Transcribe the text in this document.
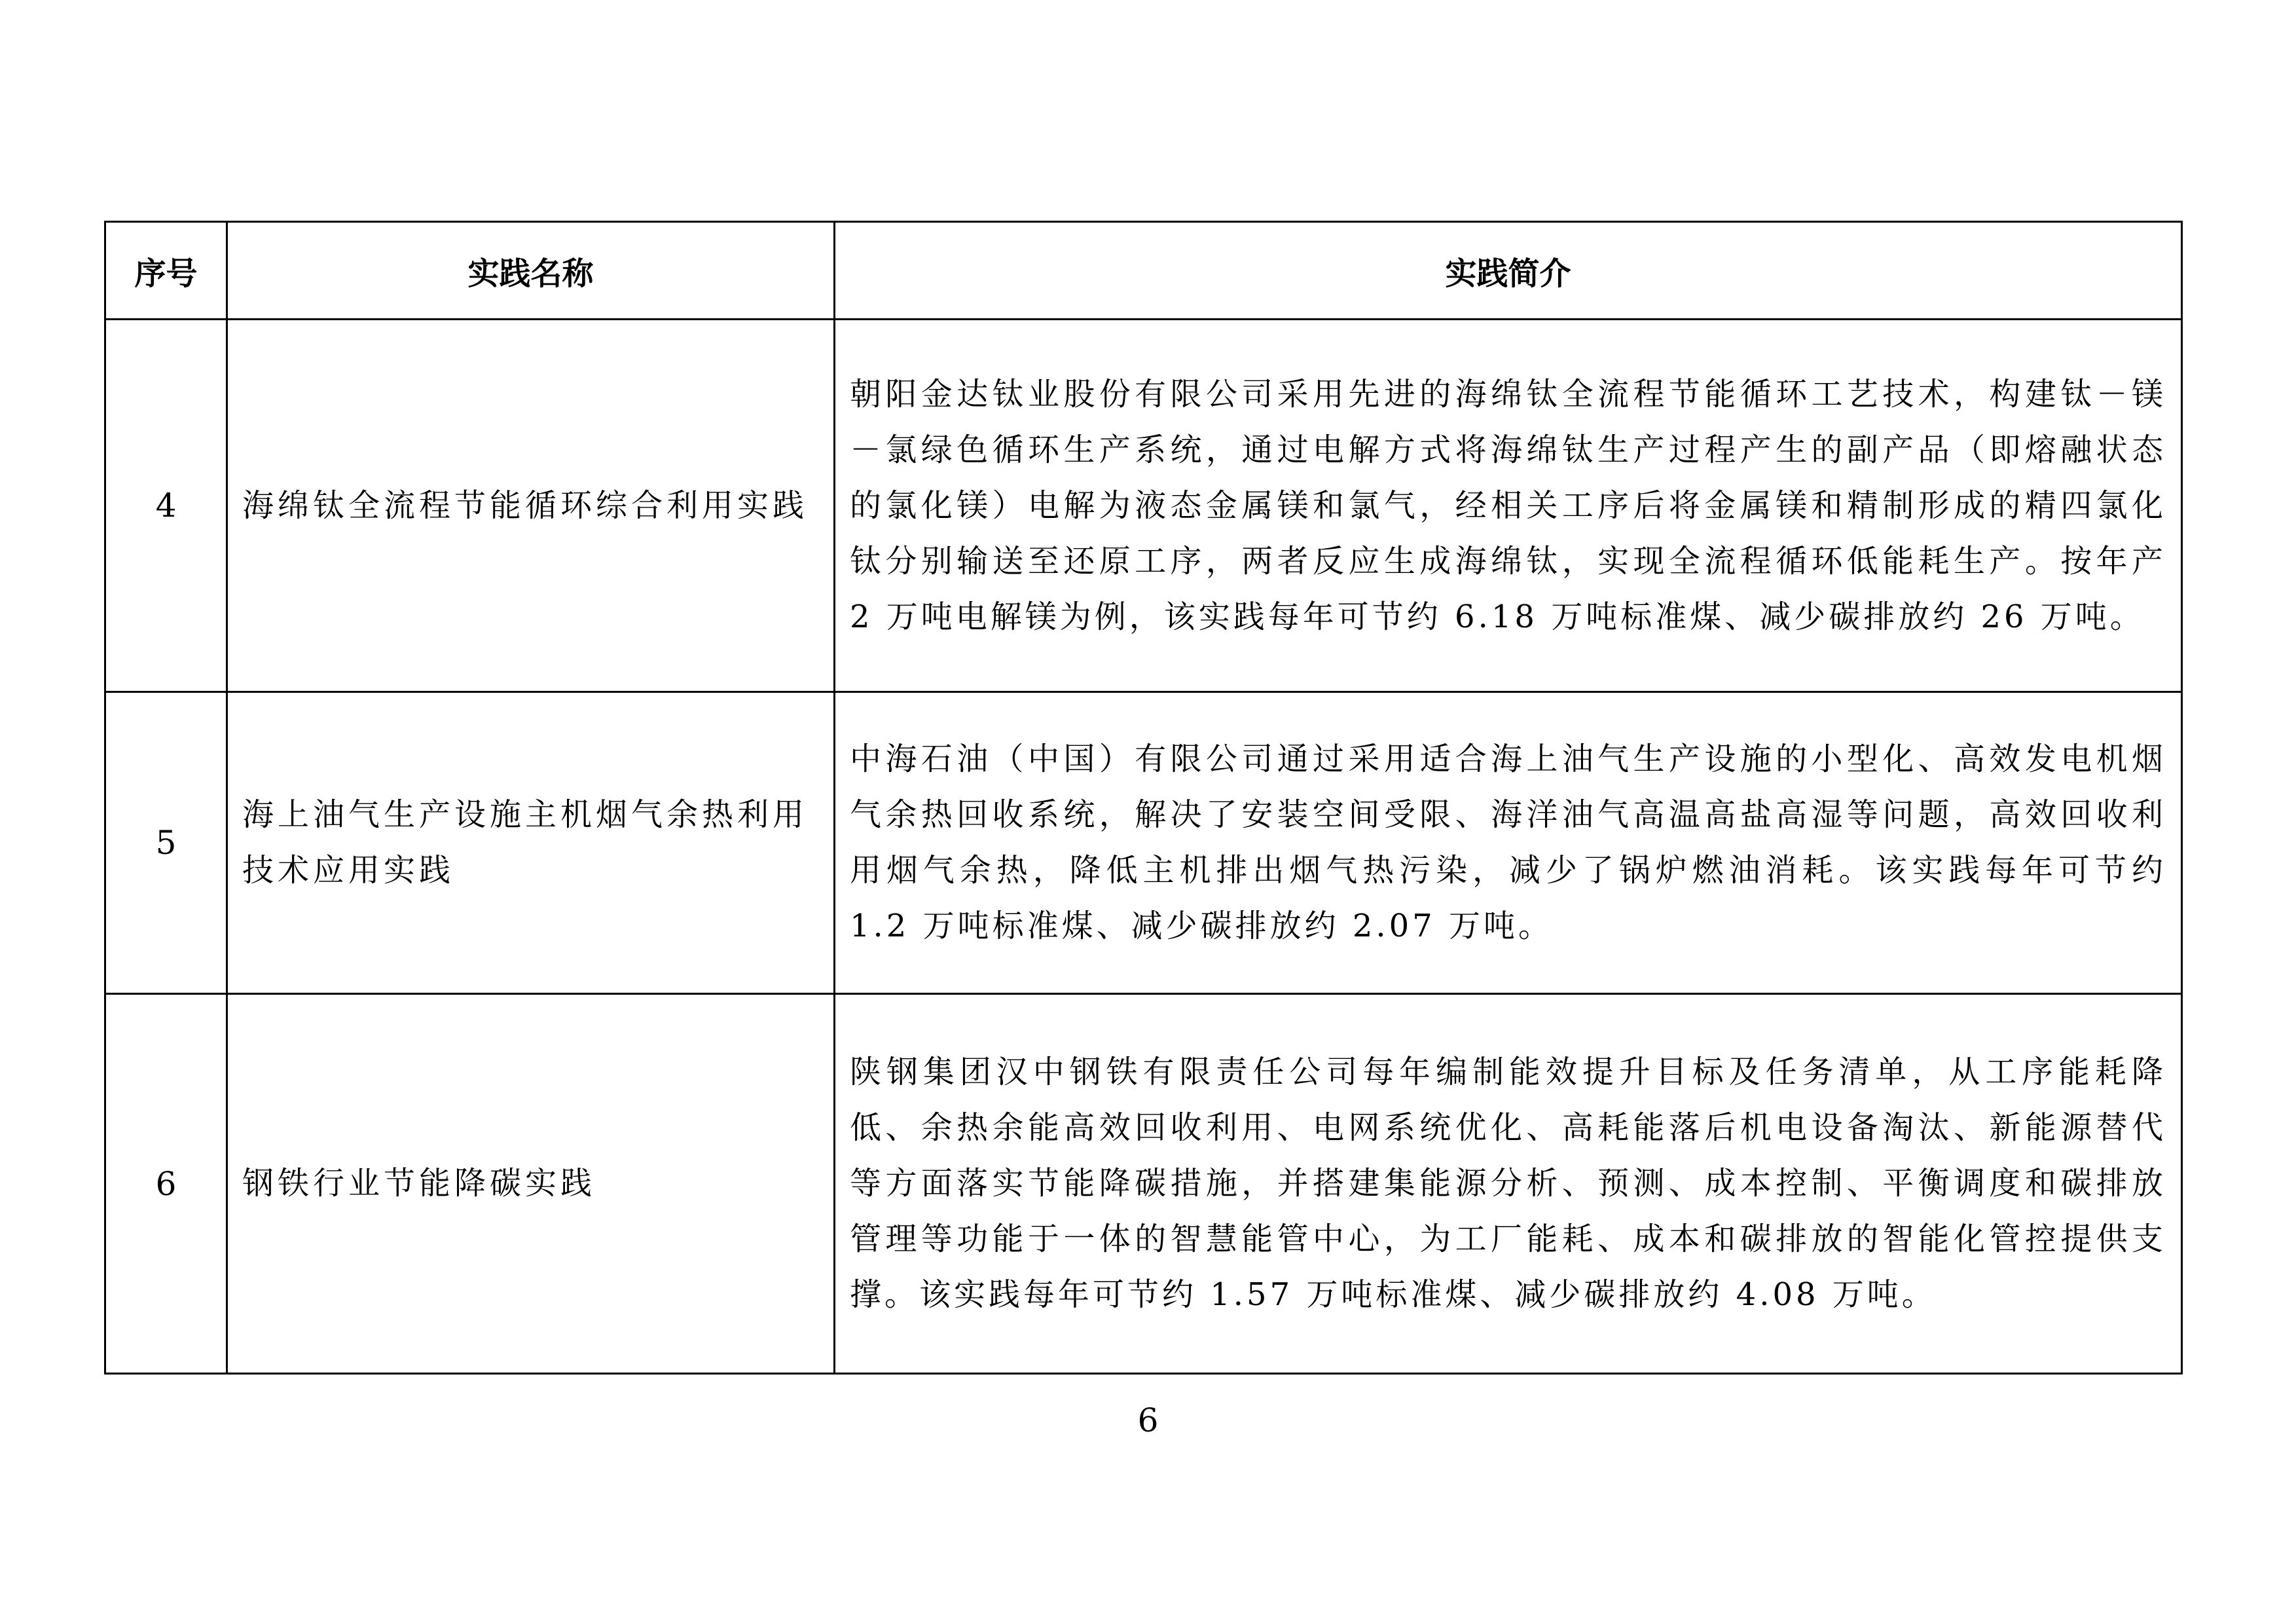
序号	实践名称	实践简介
4	海绵钛全流程节能循环综合利用实践	朝阳金达钛业股份有限公司采用先进的海绵钛全流程节能循环工艺技术，构建钛－镁－氯绿色循环生产系统，通过电解方式将海绵钛生产过程产生的副产品（即熔融状态的氯化镁）电解为液态金属镁和氯气，经相关工序后将金属镁和精制形成的精四氯化钛分别输送至还原工序，两者反应生成海绵钛，实现全流程循环低能耗生产。按年产 2 万吨电解镁为例，该实践每年可节约 6.18 万吨标准煤、减少碳排放约 26 万吨。
5	海上油气生产设施主机烟气余热利用技术应用实践	中海石油（中国）有限公司通过采用适合海上油气生产设施的小型化、高效发电机烟气余热回收系统，解决了安装空间受限、海洋油气高温高盐高湿等问题，高效回收利用烟气余热，降低主机排出烟气热污染，减少了锅炉燃油消耗。该实践每年可节约 1.2 万吨标准煤、减少碳排放约 2.07 万吨。
6	钢铁行业节能降碳实践	陕钢集团汉中钢铁有限责任公司每年编制能效提升目标及任务清单，从工序能耗降低、余热余能高效回收利用、电网系统优化、高耗能落后机电设备淘汰、新能源替代等方面落实节能降碳措施，并搭建集能源分析、预测、成本控制、平衡调度和碳排放管理等功能于一体的智慧能管中心，为工厂能耗、成本和碳排放的智能化管控提供支撑。该实践每年可节约 1.57 万吨标准煤、减少碳排放约 4.08 万吨。
6
